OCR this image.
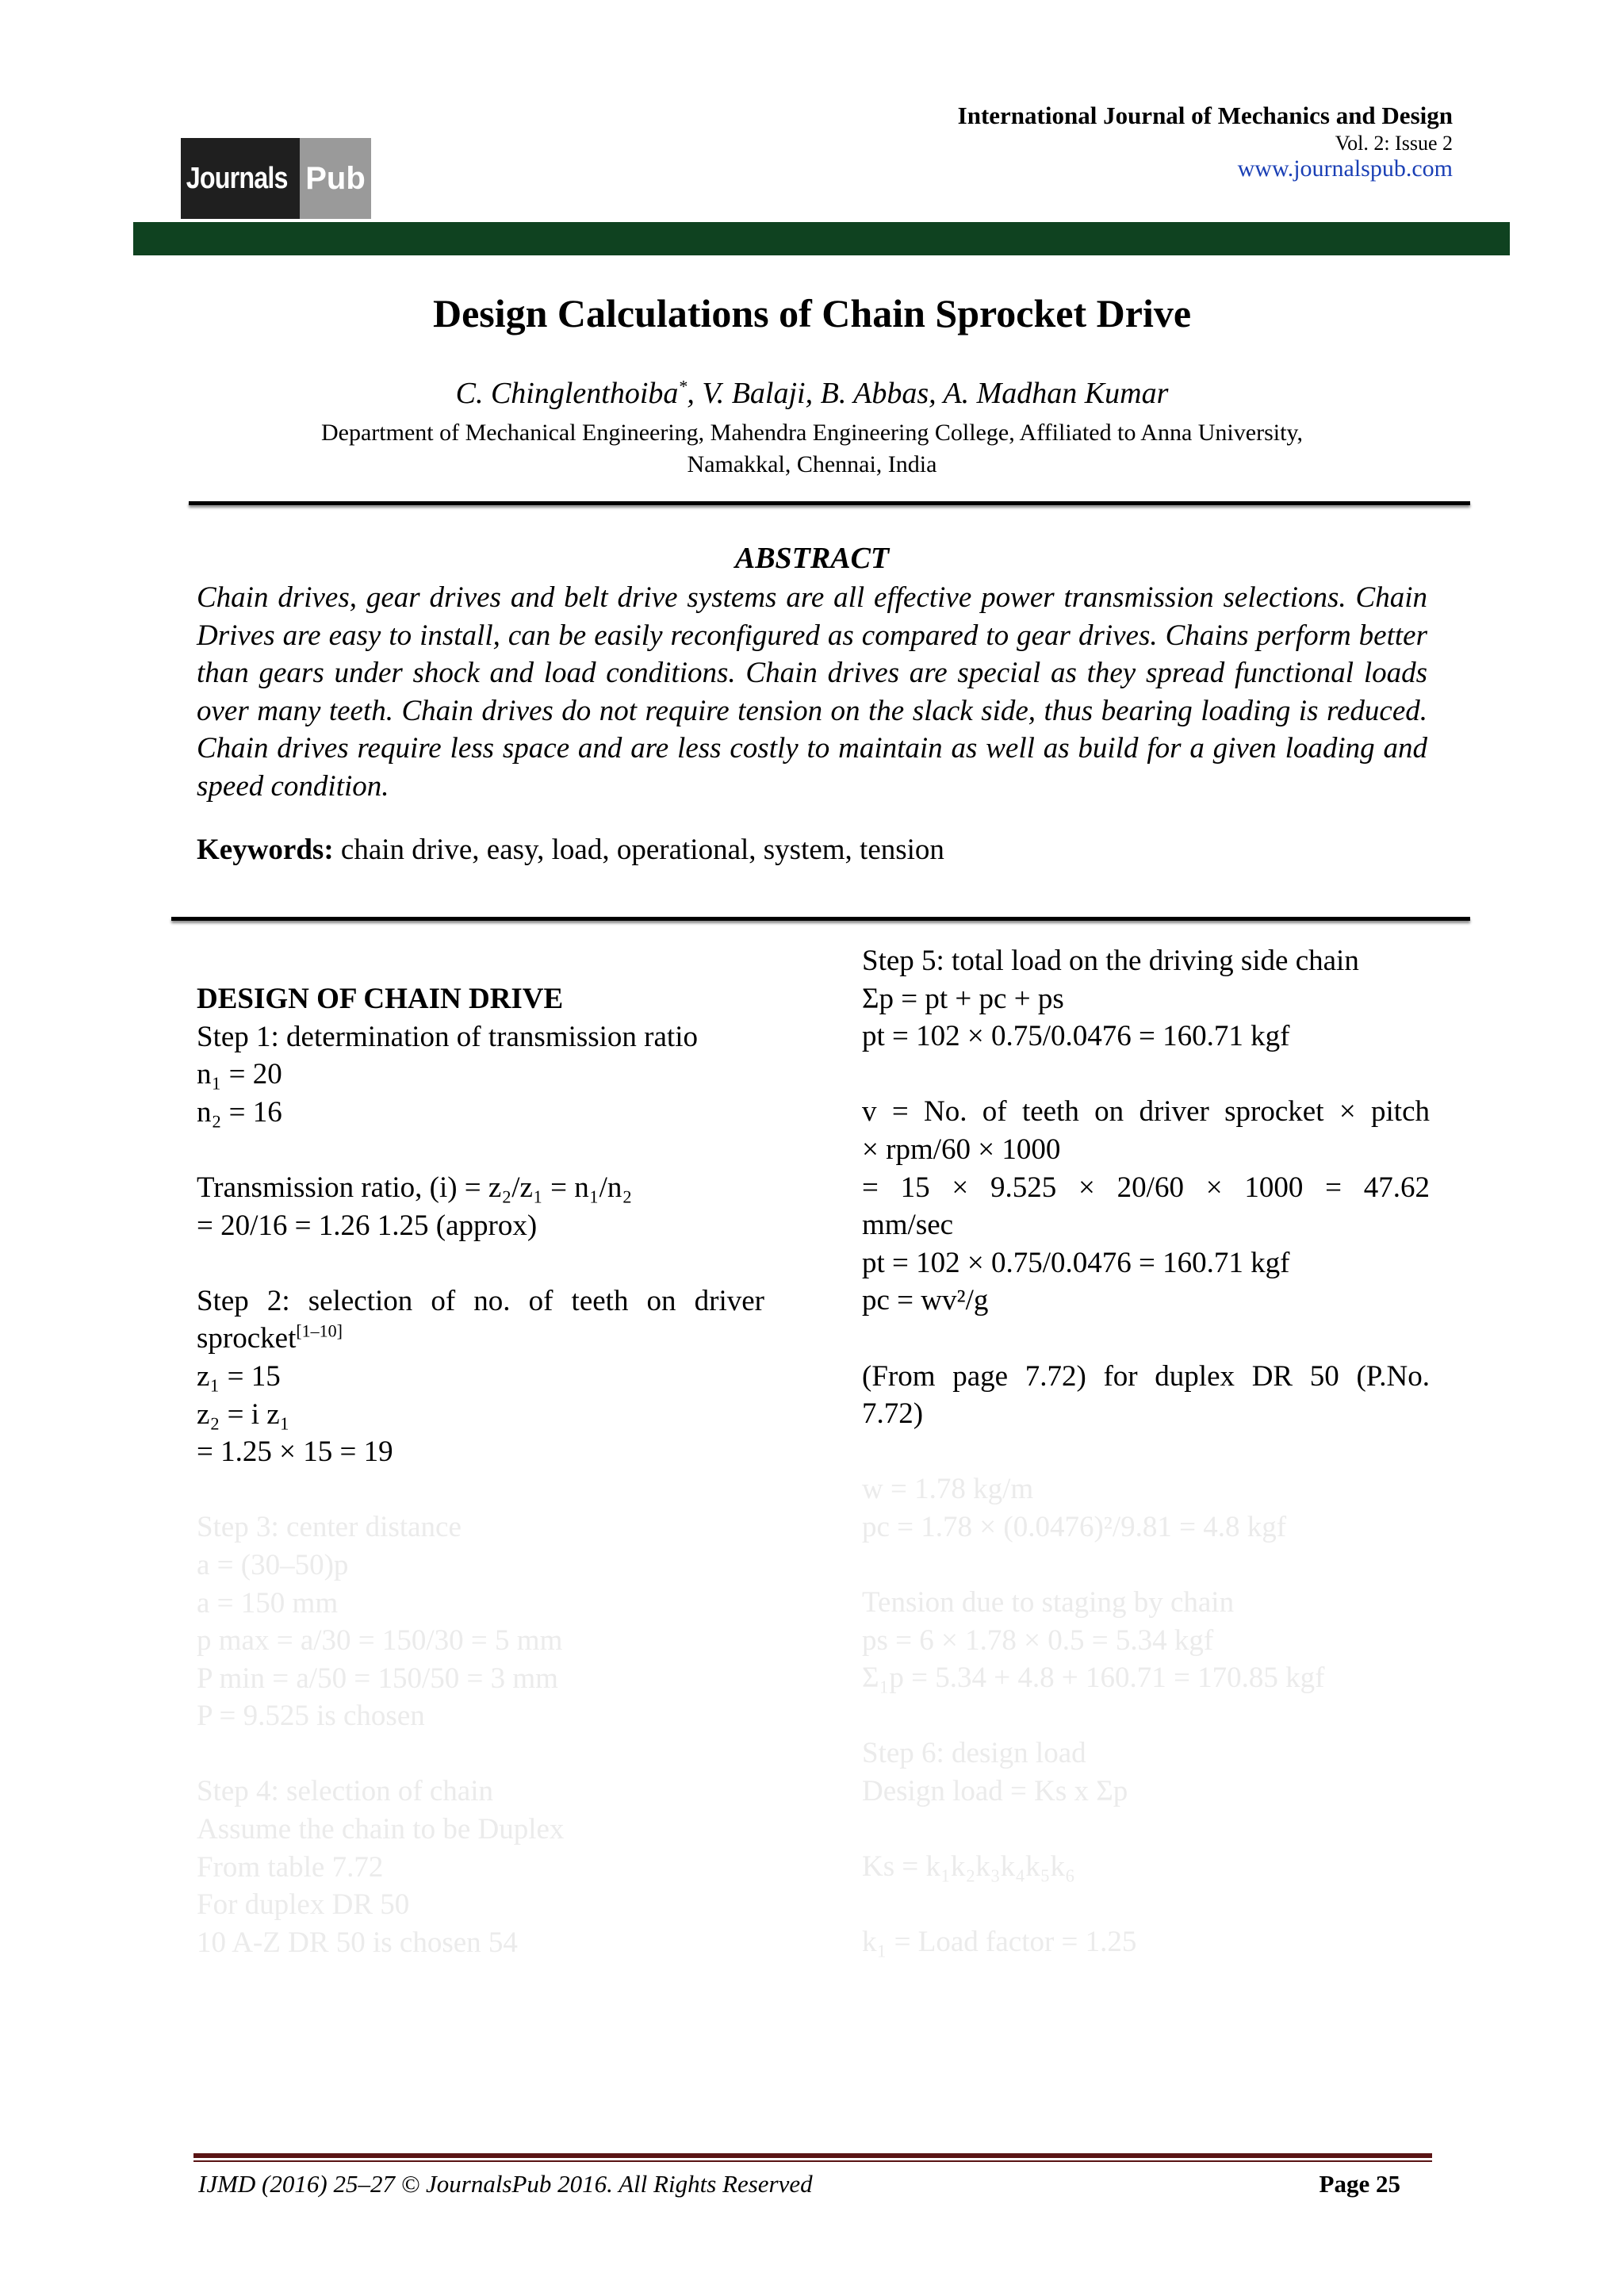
Journals Pub
International Journal of Mechanics and Design
Vol. 2: Issue 2
www.journalspub.com
Design Calculations of Chain Sprocket Drive
C. Chinglenthoiba*, V. Balaji, B. Abbas, A. Madhan Kumar
Department of Mechanical Engineering, Mahendra Engineering College, Affiliated to Anna University,
Namakkal, Chennai, India
ABSTRACT

Chain drives, gear drives and belt drive systems are all effective power transmission selections. Chain Drives are easy to install, can be easily reconfigured as compared to gear drives. Chains perform better than gears under shock and load conditions. Chain drives are special as they spread functional loads over many teeth. Chain drives do not require tension on the slack side, thus bearing loading is reduced. Chain drives require less space and are less costly to maintain as well as build for a given loading and speed condition.

Keywords: chain drive, easy, load, operational, system, tension
DESIGN OF CHAIN DRIVE
Step 1: determination of transmission ratio
n₁ = 20
n₂ = 16
Transmission ratio, (i) = z₂/z₁ = n₁/n₂
= 20/16 = 1.26 1.25 (approx)
Step 2: selection of no. of teeth on driver
sprocket[1–10]
z₁ = 15
z₂ = i z₁
= 1.25 × 15 = 19
Step 3: center distance
a = (30–50)p
a = 150 mm
p max = a/30 = 150/30 = 5 mm
P min = a/50 = 150/50 = 3 mm
P = 9.525 is chosen
Step 4: selection of chain
Assume the chain to be Duplex
From table 7.72
For duplex DR 50
10 A-Z DR 50 is chosen 54
Step 5: total load on the driving side chain
Σp = pt + pc + ps
pt = 102 × 0.75/0.0476 = 160.71 kgf
v = No. of teeth on driver sprocket × pitch
× rpm/60 × 1000
= 15 × 9.525 × 20/60 × 1000 = 47.62
mm/sec
pt = 102 × 0.75/0.0476 = 160.71 kgf
pc = wv²/g
(From page 7.72) for duplex DR 50 (P.No.
7.72)
w = 1.78 kg/m
pc = 1.78 × (0.0476)²/9.81 = 4.8 kgf
Tension due to staging by chain
ps = 6 × 1.78 × 0.5 = 5.34 kgf
Σ₁p = 5.34 + 4.8 + 160.71 = 170.85 kgf
Step 6: design load
Design load = Ks x Σp
Ks = k₁k₂k₃k₄k₅k₆
k₁ = Load factor = 1.25
IJMD (2016) 25–27 © JournalsPub 2016. All Rights Reserved	Page 25
